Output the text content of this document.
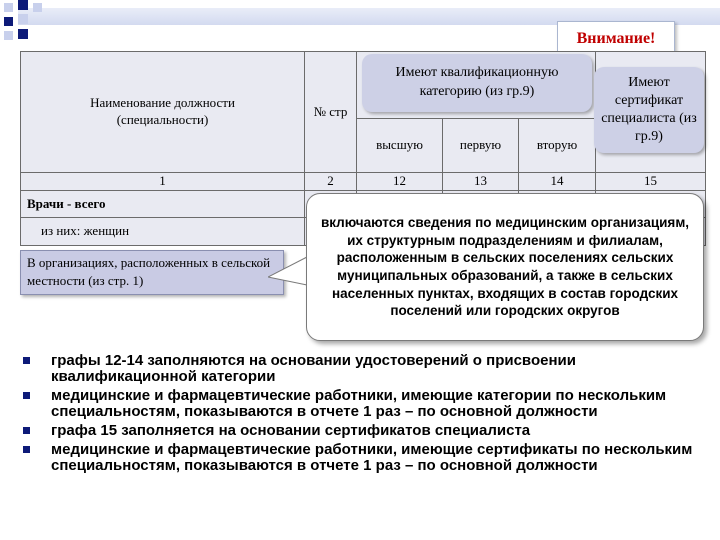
Внимание!
Наименование должности (специальности)	№ стр				
		высшую	первую	вторую	
1	2	12	13	14	15
Врачи - всего					
из них: женщин					
Имеют квалификационную категорию (из гр.9)
Имеют сертификат специалиста (из гр.9)
В организациях, расположенных в сельской местности (из стр. 1)
включаются сведения по медицинским организациям, их структурным подразделениям и филиалам, расположенным в сельских поселениях сельских муниципальных образований, а также в сельских населенных пунктах, входящих в состав городских поселений или городских округов
графы 12-14 заполняются на основании удостоверений о присвоении квалификационной категории
медицинские и фармацевтические работники, имеющие категории по нескольким специальностям, показываются в отчете 1 раз – по основной должности
графа 15 заполняется на основании сертификатов специалиста
медицинские и фармацевтические работники, имеющие сертификаты по нескольким специальностям, показываются в отчете 1 раз – по основной должности
